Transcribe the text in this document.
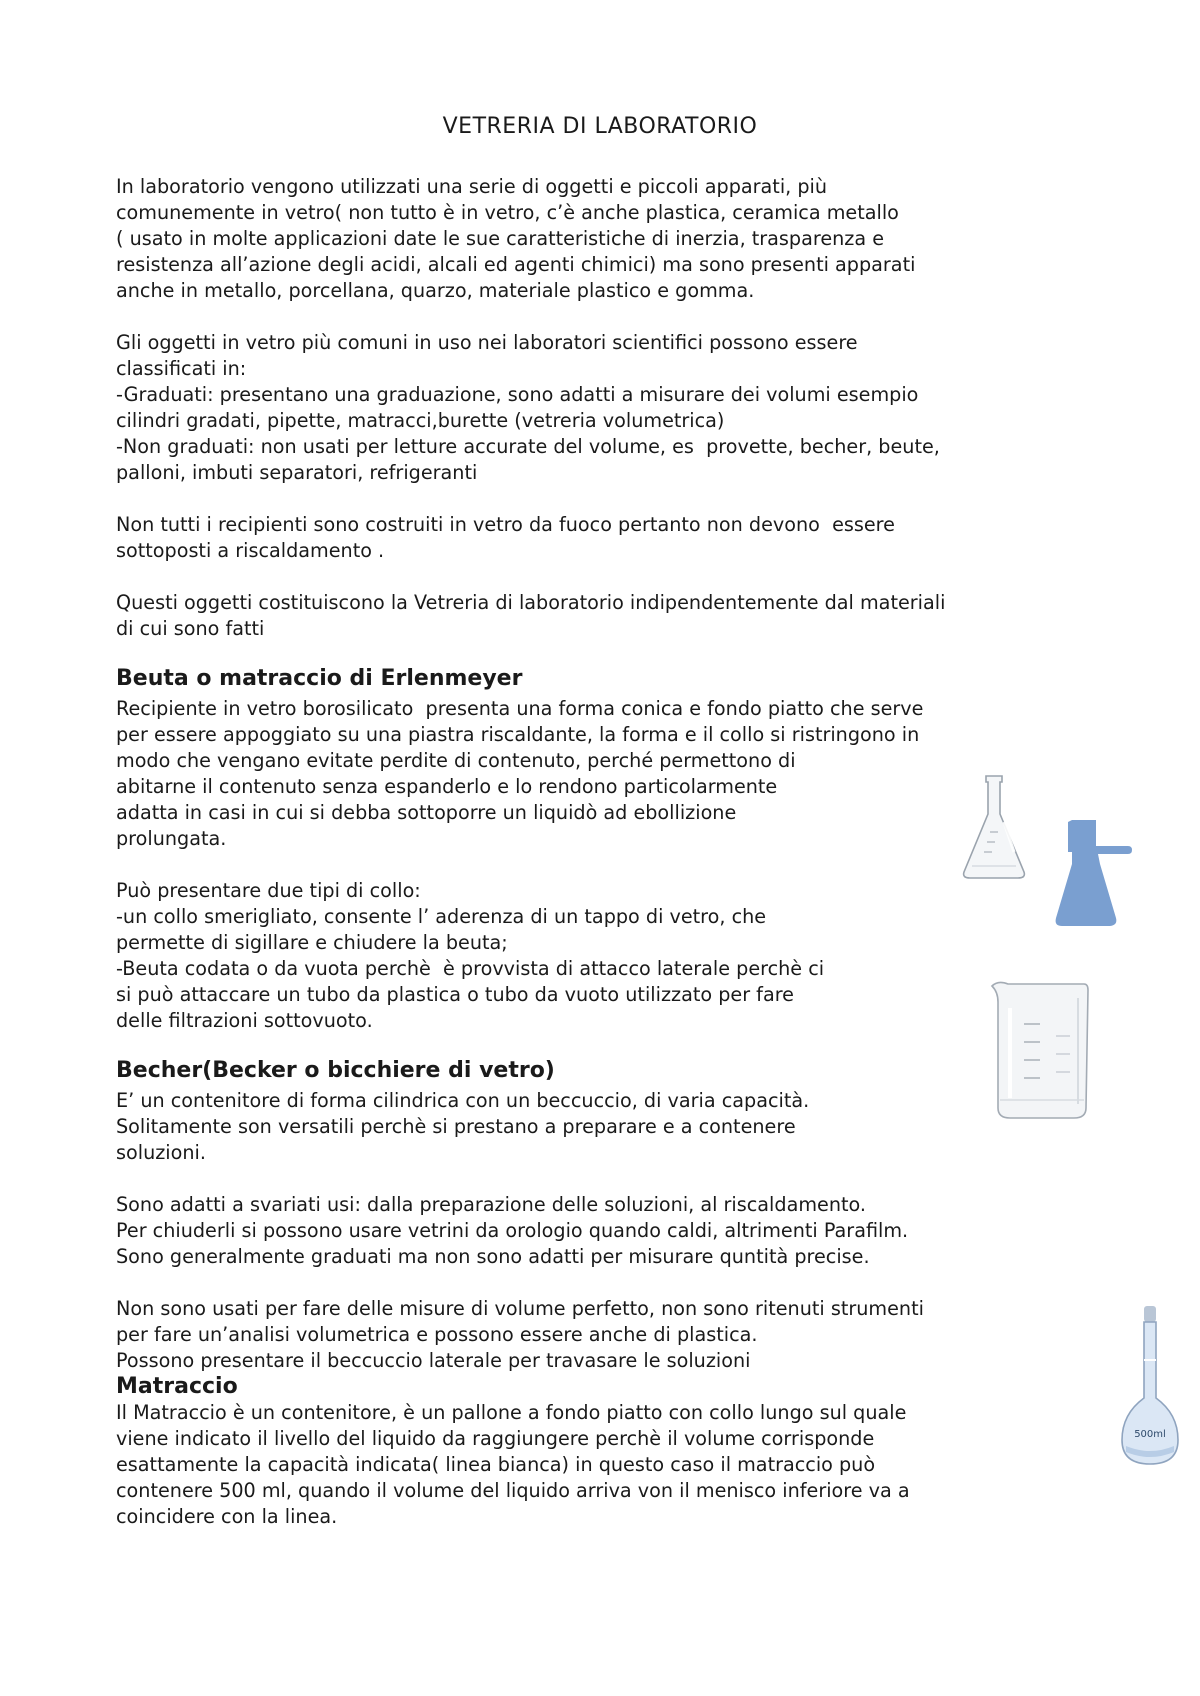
VETRERIA DI LABORATORIO

In laboratorio vengono utilizzati una serie di oggetti e piccoli apparati, più

comunemente in vetro( non tutto è in vetro, c’è anche plastica, ceramica metallo

( usato in molte applicazioni date le sue caratteristiche di inerzia, trasparenza e

resistenza all’azione degli acidi, alcali ed agenti chimici) ma sono presenti apparati

anche in metallo, porcellana, quarzo, materiale plastico e gomma.

Gli oggetti in vetro più comuni in uso nei laboratori scientifici possono essere

classificati in:

-Graduati: presentano una graduazione, sono adatti a misurare dei volumi esempio

cilindri gradati, pipette, matracci,burette (vetreria volumetrica)

-Non graduati: non usati per letture accurate del volume, es  provette, becher, beute,

palloni, imbuti separatori, refrigeranti

Non tutti i recipienti sono costruiti in vetro da fuoco pertanto non devono  essere

sottoposti a riscaldamento .

Questi oggetti costituiscono la Vetreria di laboratorio indipendentemente dal materiali

di cui sono fatti

Beuta o matraccio di Erlenmeyer

Recipiente in vetro borosilicato  presenta una forma conica e fondo piatto che serve

per essere appoggiato su una piastra riscaldante, la forma e il collo si ristringono in

modo che vengano evitate perdite di contenuto, perché permettono di

abitarne il contenuto senza espanderlo e lo rendono particolarmente

adatta in casi in cui si debba sottoporre un liquidò ad ebollizione

prolungata.

Può presentare due tipi di collo:

-un collo smerigliato, consente l’ aderenza di un tappo di vetro, che

permette di sigillare e chiudere la beuta;

-Beuta codata o da vuota perchè  è provvista di attacco laterale perchè ci

si può attaccare un tubo da plastica o tubo da vuoto utilizzato per fare

delle filtrazioni sottovuoto.

Becher(Becker o bicchiere di vetro)

E’ un contenitore di forma cilindrica con un beccuccio, di varia capacità.

Solitamente son versatili perchè si prestano a preparare e a contenere

soluzioni.

Sono adatti a svariati usi: dalla preparazione delle soluzioni, al riscaldamento.

Per chiuderli si possono usare vetrini da orologio quando caldi, altrimenti Parafilm.

Sono generalmente graduati ma non sono adatti per misurare quntità precise.

Non sono usati per fare delle misure di volume perfetto, non sono ritenuti strumenti

per fare un’analisi volumetrica e possono essere anche di plastica.

Possono presentare il beccuccio laterale per travasare le soluzioni

Matraccio

Il Matraccio è un contenitore, è un pallone a fondo piatto con collo lungo sul quale

viene indicato il livello del liquido da raggiungere perchè il volume corrisponde

esattamente la capacità indicata( linea bianca) in questo caso il matraccio può

contenere 500 ml, quando il volume del liquido arriva von il menisco inferiore va a

coincidere con la linea.

500ml
